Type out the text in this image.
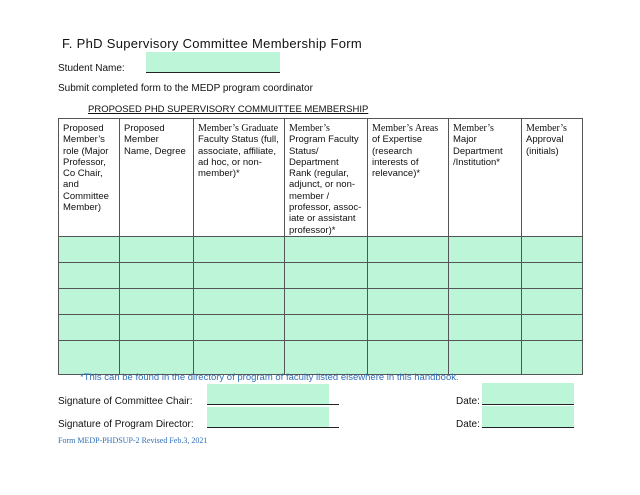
F. PhD Supervisory Committee Membership Form
Student Name:
Submit completed form to the MEDP program coordinator
PROPOSED PHD SUPERVISORY COMMUITTEE MEMBERSHIP
Proposed Member’s role (Major Professor, Co Chair, and Committee Member)	Proposed Member Name, Degree	Member’s Graduate Faculty Status (full, associate, affiliate, ad hoc, or non-member)*	Member’s Program Faculty Status/ Department Rank (regular, adjunct, or non-member / professor, assoc-iate or assistant professor)*	Member’s Areas of Expertise (research interests of relevance)*	Member’s Major Department /Institution*	Member’s Approval (initials)

*This can be found in the directory of program of faculty listed elsewhere in this handbook.
Signature of Committee Chair:
Signature of Program Director:
Date:
Date:
Form MEDP-PHDSUP-2 Revised Feb.3, 2021
